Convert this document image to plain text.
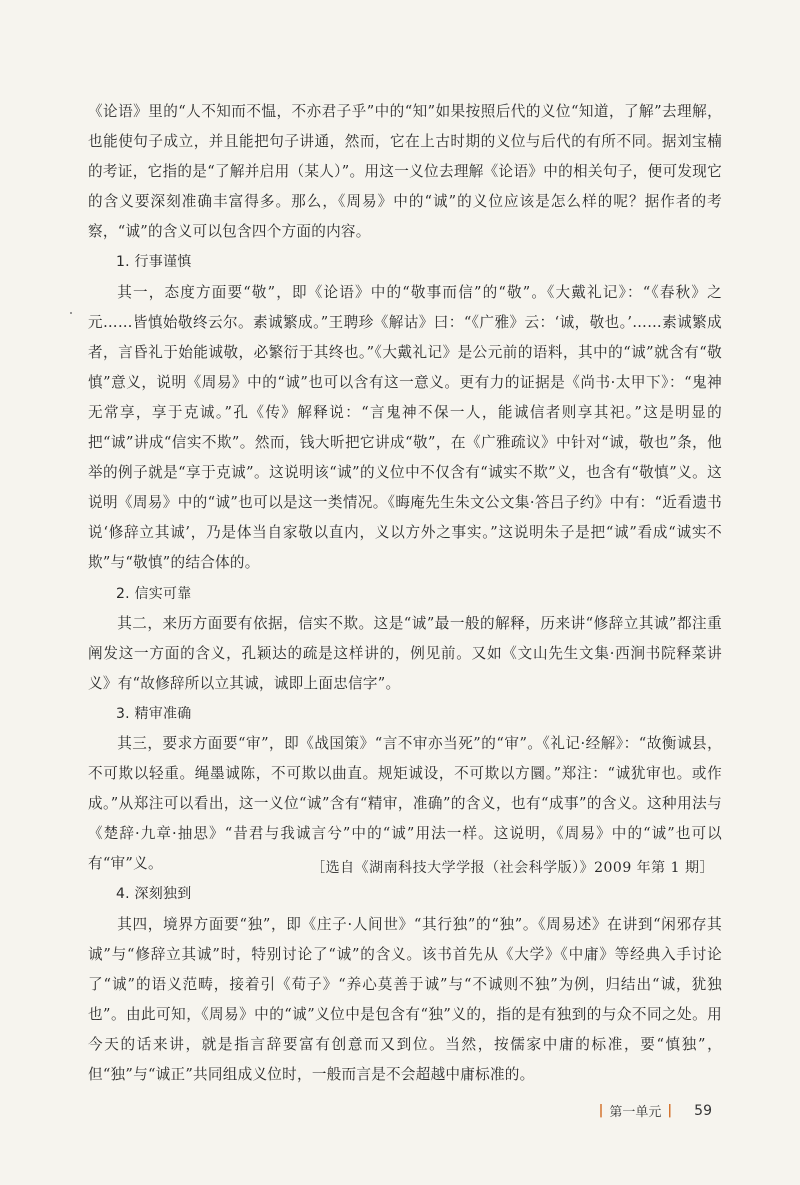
《论语》里的“人不知而不愠，不亦君子乎”中的“知”如果按照后代的义位“知道，了解”去理解，也能使句子成立，并且能把句子讲通，然而，它在上古时期的义位与后代的有所不同。据刘宝楠的考证，它指的是“了解并启用（某人）”。用这一义位去理解《论语》中的相关句子，便可发现它的含义要深刻准确丰富得多。那么，《周易》中的“诚”的义位应该是怎么样的呢？据作者的考察，“诚”的含义可以包含四个方面的内容。

1. 行事谨慎

其一，态度方面要“敬”，即《论语》中的“敬事而信”的“敬”。《大戴礼记》：“《春秋》之元……皆慎始敬终云尔。素诚繁成。”王聘珍《解诂》曰：“《广雅》云：‘诚，敬也。’……素诚繁成者，言昏礼于始能诚敬，必繁衍于其终也。”《大戴礼记》是公元前的语料，其中的“诚”就含有“敬慎”意义，说明《周易》中的“诚”也可以含有这一意义。更有力的证据是《尚书·太甲下》：“鬼神无常享，享于克诚。”孔《传》解释说：“言鬼神不保一人，能诚信者则享其祀。”这是明显的把“诚”讲成“信实不欺”。然而，钱大昕把它讲成“敬”，在《广雅疏议》中针对“诚，敬也”条，他举的例子就是“享于克诚”。这说明该“诚”的义位中不仅含有“诚实不欺”义，也含有“敬慎”义。这说明《周易》中的“诚”也可以是这一类情况。《晦庵先生朱文公文集·答吕子约》中有：“近看遗书说‘修辞立其诚’，乃是体当自家敬以直内，义以方外之事实。”这说明朱子是把“诚”看成“诚实不欺”与“敬慎”的结合体的。

2. 信实可靠

其二，来历方面要有依据，信实不欺。这是“诚”最一般的解释，历来讲“修辞立其诚”都注重阐发这一方面的含义，孔颖达的疏是这样讲的，例见前。又如《文山先生文集·西涧书院释菜讲义》有“故修辞所以立其诚，诚即上面忠信字”。

3. 精审准确

其三，要求方面要“审”，即《战国策》“言不审亦当死”的“审”。《礼记·经解》：“故衡诚县，不可欺以轻重。绳墨诚陈，不可欺以曲直。规矩诚设，不可欺以方圜。”郑注：“诚犹审也。或作成。”从郑注可以看出，这一义位“诚”含有“精审，准确”的含义，也有“成事”的含义。这种用法与《楚辞·九章·抽思》“昔君与我诚言兮”中的“诚”用法一样。这说明，《周易》中的“诚”也可以有“审”义。

4. 深刻独到

其四，境界方面要“独”，即《庄子·人间世》“其行独”的“独”。《周易述》在讲到“闲邪存其诚”与“修辞立其诚”时，特别讨论了“诚”的含义。该书首先从《大学》《中庸》等经典入手讨论了“诚”的语义范畴，接着引《荀子》“养心莫善于诚”与“不诚则不独”为例，归结出“诚，犹独也”。由此可知，《周易》中的“诚”义位中是包含有“独”义的，指的是有独到的与众不同之处。用今天的话来讲，就是指言辞要富有创意而又到位。当然，按儒家中庸的标准，要“慎独”，但“独”与“诚正”共同组成义位时，一般而言是不会超越中庸标准的。

［选自《湖南科技大学学报（社会科学版）》2009 年第 1 期］
| 第一单元 | 59
